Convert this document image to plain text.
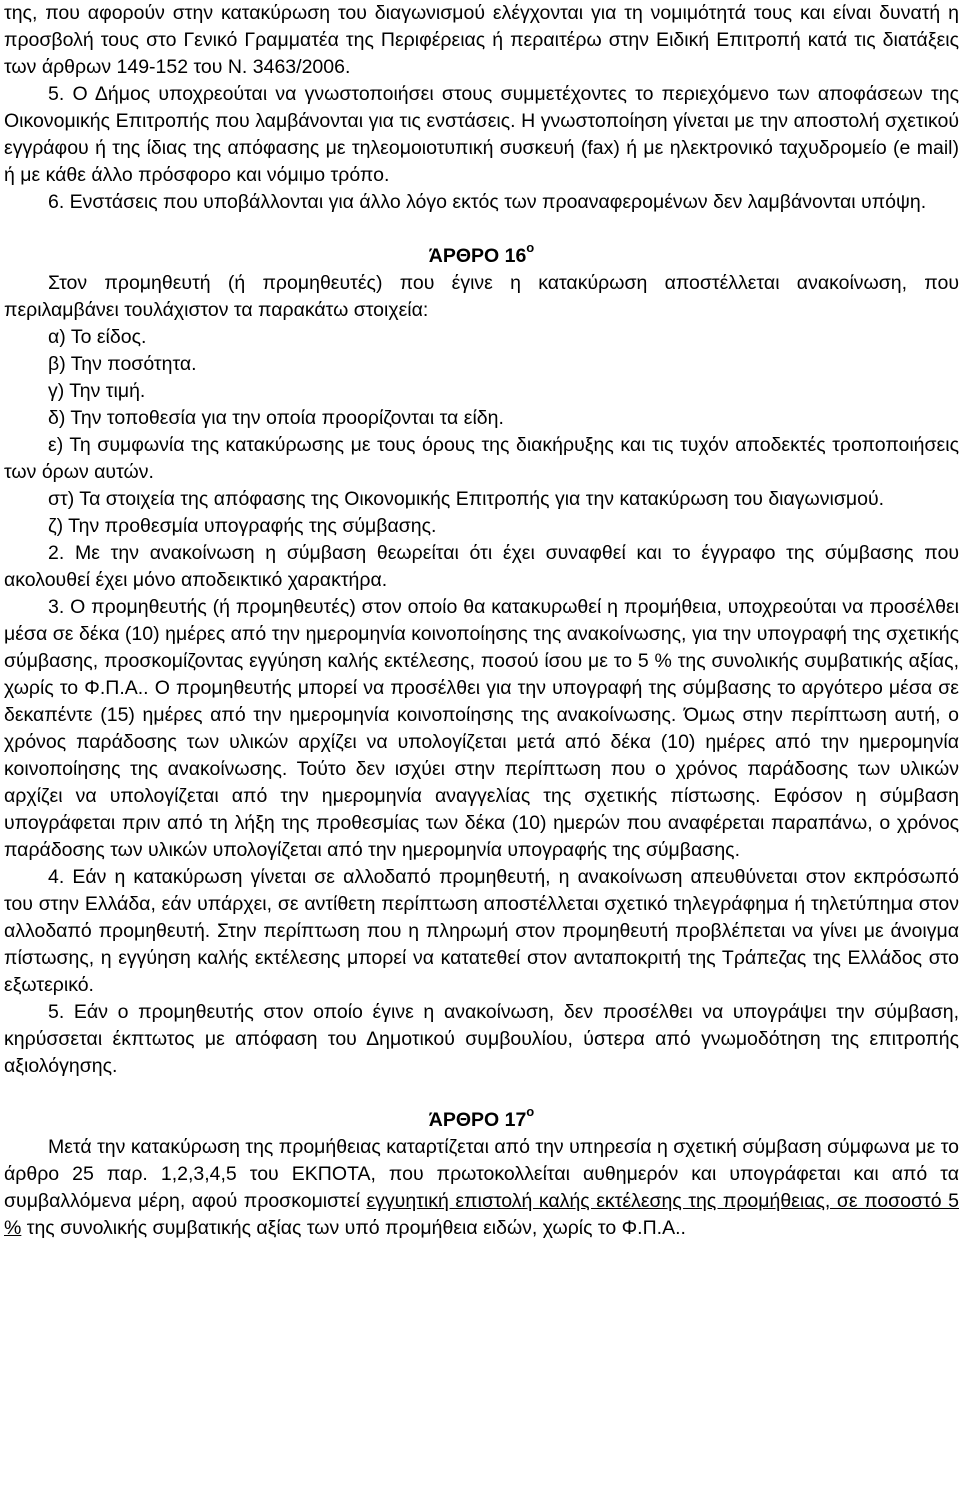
της, που αφορούν στην κατακύρωση του διαγωνισμού ελέγχονται για τη νομιμότητά τους και είναι δυνατή η προσβολή τους στο Γενικό Γραμματέα της Περιφέρειας ή περαιτέρω στην Ειδική Επιτροπή κατά τις διατάξεις των άρθρων 149-152 του Ν. 3463/2006.

5. Ο Δήμος υποχρεούται να γνωστοποιήσει στους συμμετέχοντες το περιεχόμενο των αποφάσεων της Οικονομικής Επιτροπής που λαμβάνονται για τις ενστάσεις. Η γνωστοποίηση γίνεται με την αποστολή σχετικού εγγράφου ή της ίδιας της απόφασης με τηλεομοιοτυπική συσκευή (fax) ή με ηλεκτρονικό ταχυδρομείο (e mail) ή με κάθε άλλο πρόσφορο και νόμιμο τρόπο.

6. Ενστάσεις που υποβάλλονται για άλλο λόγο εκτός των προαναφερομένων δεν λαμβάνονται υπόψη.

ΆΡΘΡΟ $16^o$

Στον προμηθευτή (ή προμηθευτές) που έγινε η κατακύρωση αποστέλλεται ανακοίνωση, που περιλαμβάνει τουλάχιστον τα παρακάτω στοιχεία:

α) Το είδος.

β) Την ποσότητα.

γ) Την τιμή.

δ) Την τοποθεσία για την οποία προορίζονται τα είδη.

ε) Τη συμφωνία της κατακύρωσης με τους όρους της διακήρυξης και τις τυχόν αποδεκτές τροποποιήσεις των όρων αυτών.

στ) Τα στοιχεία της απόφασης της Οικονομικής Επιτροπής για την κατακύρωση του διαγωνισμού.

ζ) Την προθεσμία υπογραφής της σύμβασης.

2. Με την ανακοίνωση η σύμβαση θεωρείται ότι έχει συναφθεί και το έγγραφο της σύμβασης που ακολουθεί έχει μόνο αποδεικτικό χαρακτήρα.

3. Ο προμηθευτής (ή προμηθευτές) στον οποίο θα κατακυρωθεί η προμήθεια, υποχρεούται να προσέλθει μέσα σε δέκα (10) ημέρες από την ημερομηνία κοινοποίησης της ανακοίνωσης, για την υπογραφή της σχετικής σύμβασης, προσκομίζοντας εγγύηση καλής εκτέλεσης, ποσού ίσου με το 5 % της συνολικής συμβατικής αξίας, χωρίς το Φ.Π.Α.. Ο προμηθευτής μπορεί να προσέλθει για την υπογραφή της σύμβασης το αργότερο μέσα σε δεκαπέντε (15) ημέρες από την ημερομηνία κοινοποίησης της ανακοίνωσης. Όμως στην περίπτωση αυτή, ο χρόνος παράδοσης των υλικών αρχίζει να υπολογίζεται μετά από δέκα (10) ημέρες από την ημερομηνία κοινοποίησης της ανακοίνωσης. Τούτο δεν ισχύει στην περίπτωση που ο χρόνος παράδοσης των υλικών αρχίζει να υπολογίζεται από την ημερομηνία αναγγελίας της σχετικής πίστωσης. Εφόσον η σύμβαση υπογράφεται πριν από τη λήξη της προθεσμίας των δέκα (10) ημερών που αναφέρεται παραπάνω, ο χρόνος παράδοσης των υλικών υπολογίζεται από την ημερομηνία υπογραφής της σύμβασης.

4. Εάν η κατακύρωση γίνεται σε αλλοδαπό προμηθευτή, η ανακοίνωση απευθύνεται στον εκπρόσωπό του στην Ελλάδα, εάν υπάρχει, σε αντίθετη περίπτωση αποστέλλεται σχετικό τηλεγράφημα ή τηλετύπημα στον αλλοδαπό προμηθευτή. Στην περίπτωση που η πληρωμή στον προμηθευτή προβλέπεται να γίνει με άνοιγμα πίστωσης, η εγγύηση καλής εκτέλεσης μπορεί να κατατεθεί στον ανταποκριτή της Τράπεζας της Ελλάδος στο εξωτερικό.

5. Εάν ο προμηθευτής στον οποίο έγινε η ανακοίνωση, δεν προσέλθει να υπογράψει την σύμβαση, κηρύσσεται έκπτωτος με απόφαση του Δημοτικού συμβουλίου, ύστερα από γνωμοδότηση της επιτροπής αξιολόγησης.

ΆΡΘΡΟ $17^o$

Μετά την κατακύρωση της προμήθειας καταρτίζεται από την υπηρεσία η σχετική σύμβαση σύμφωνα με το άρθρο 25 παρ. 1,2,3,4,5 του ΕΚΠΟΤΑ, που πρωτοκολλείται αυθημερόν και υπογράφεται και από τα συμβαλλόμενα μέρη, αφού προσκομιστεί εγγυητική επιστολή καλής εκτέλεσης της προμήθειας, σε ποσοστό 5 % της συνολικής συμβατικής αξίας των υπό προμήθεια ειδών, χωρίς το Φ.Π.Α..
